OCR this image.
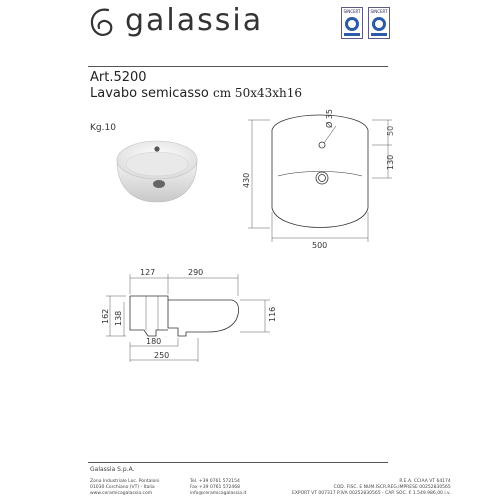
galassia	SINCERT	SINCERT
Art.5200
Lavabo semicasso cm 50x43xh16
Kg.10	Ø 35
50
130
430
500
127	290
162 138	116
180
250
Galassia S.p.A.
Zona Industriale Loc. Pontaloni
01030 Corchiano (VT) - Italia
www.ceramicagalassia.com
Tel. +39 0761 572154
Fax +39 0761 572468
info@ceramicagalassia.it
R.E.A. CCIAA VT 64174
COD. FISC. E NUM.ISCR.REG.IMPRESE 00252830565
EXPORT VT 007317 P.IVA 00252830565 - CAP. SOC. € 1.549.986,00 i.v.
